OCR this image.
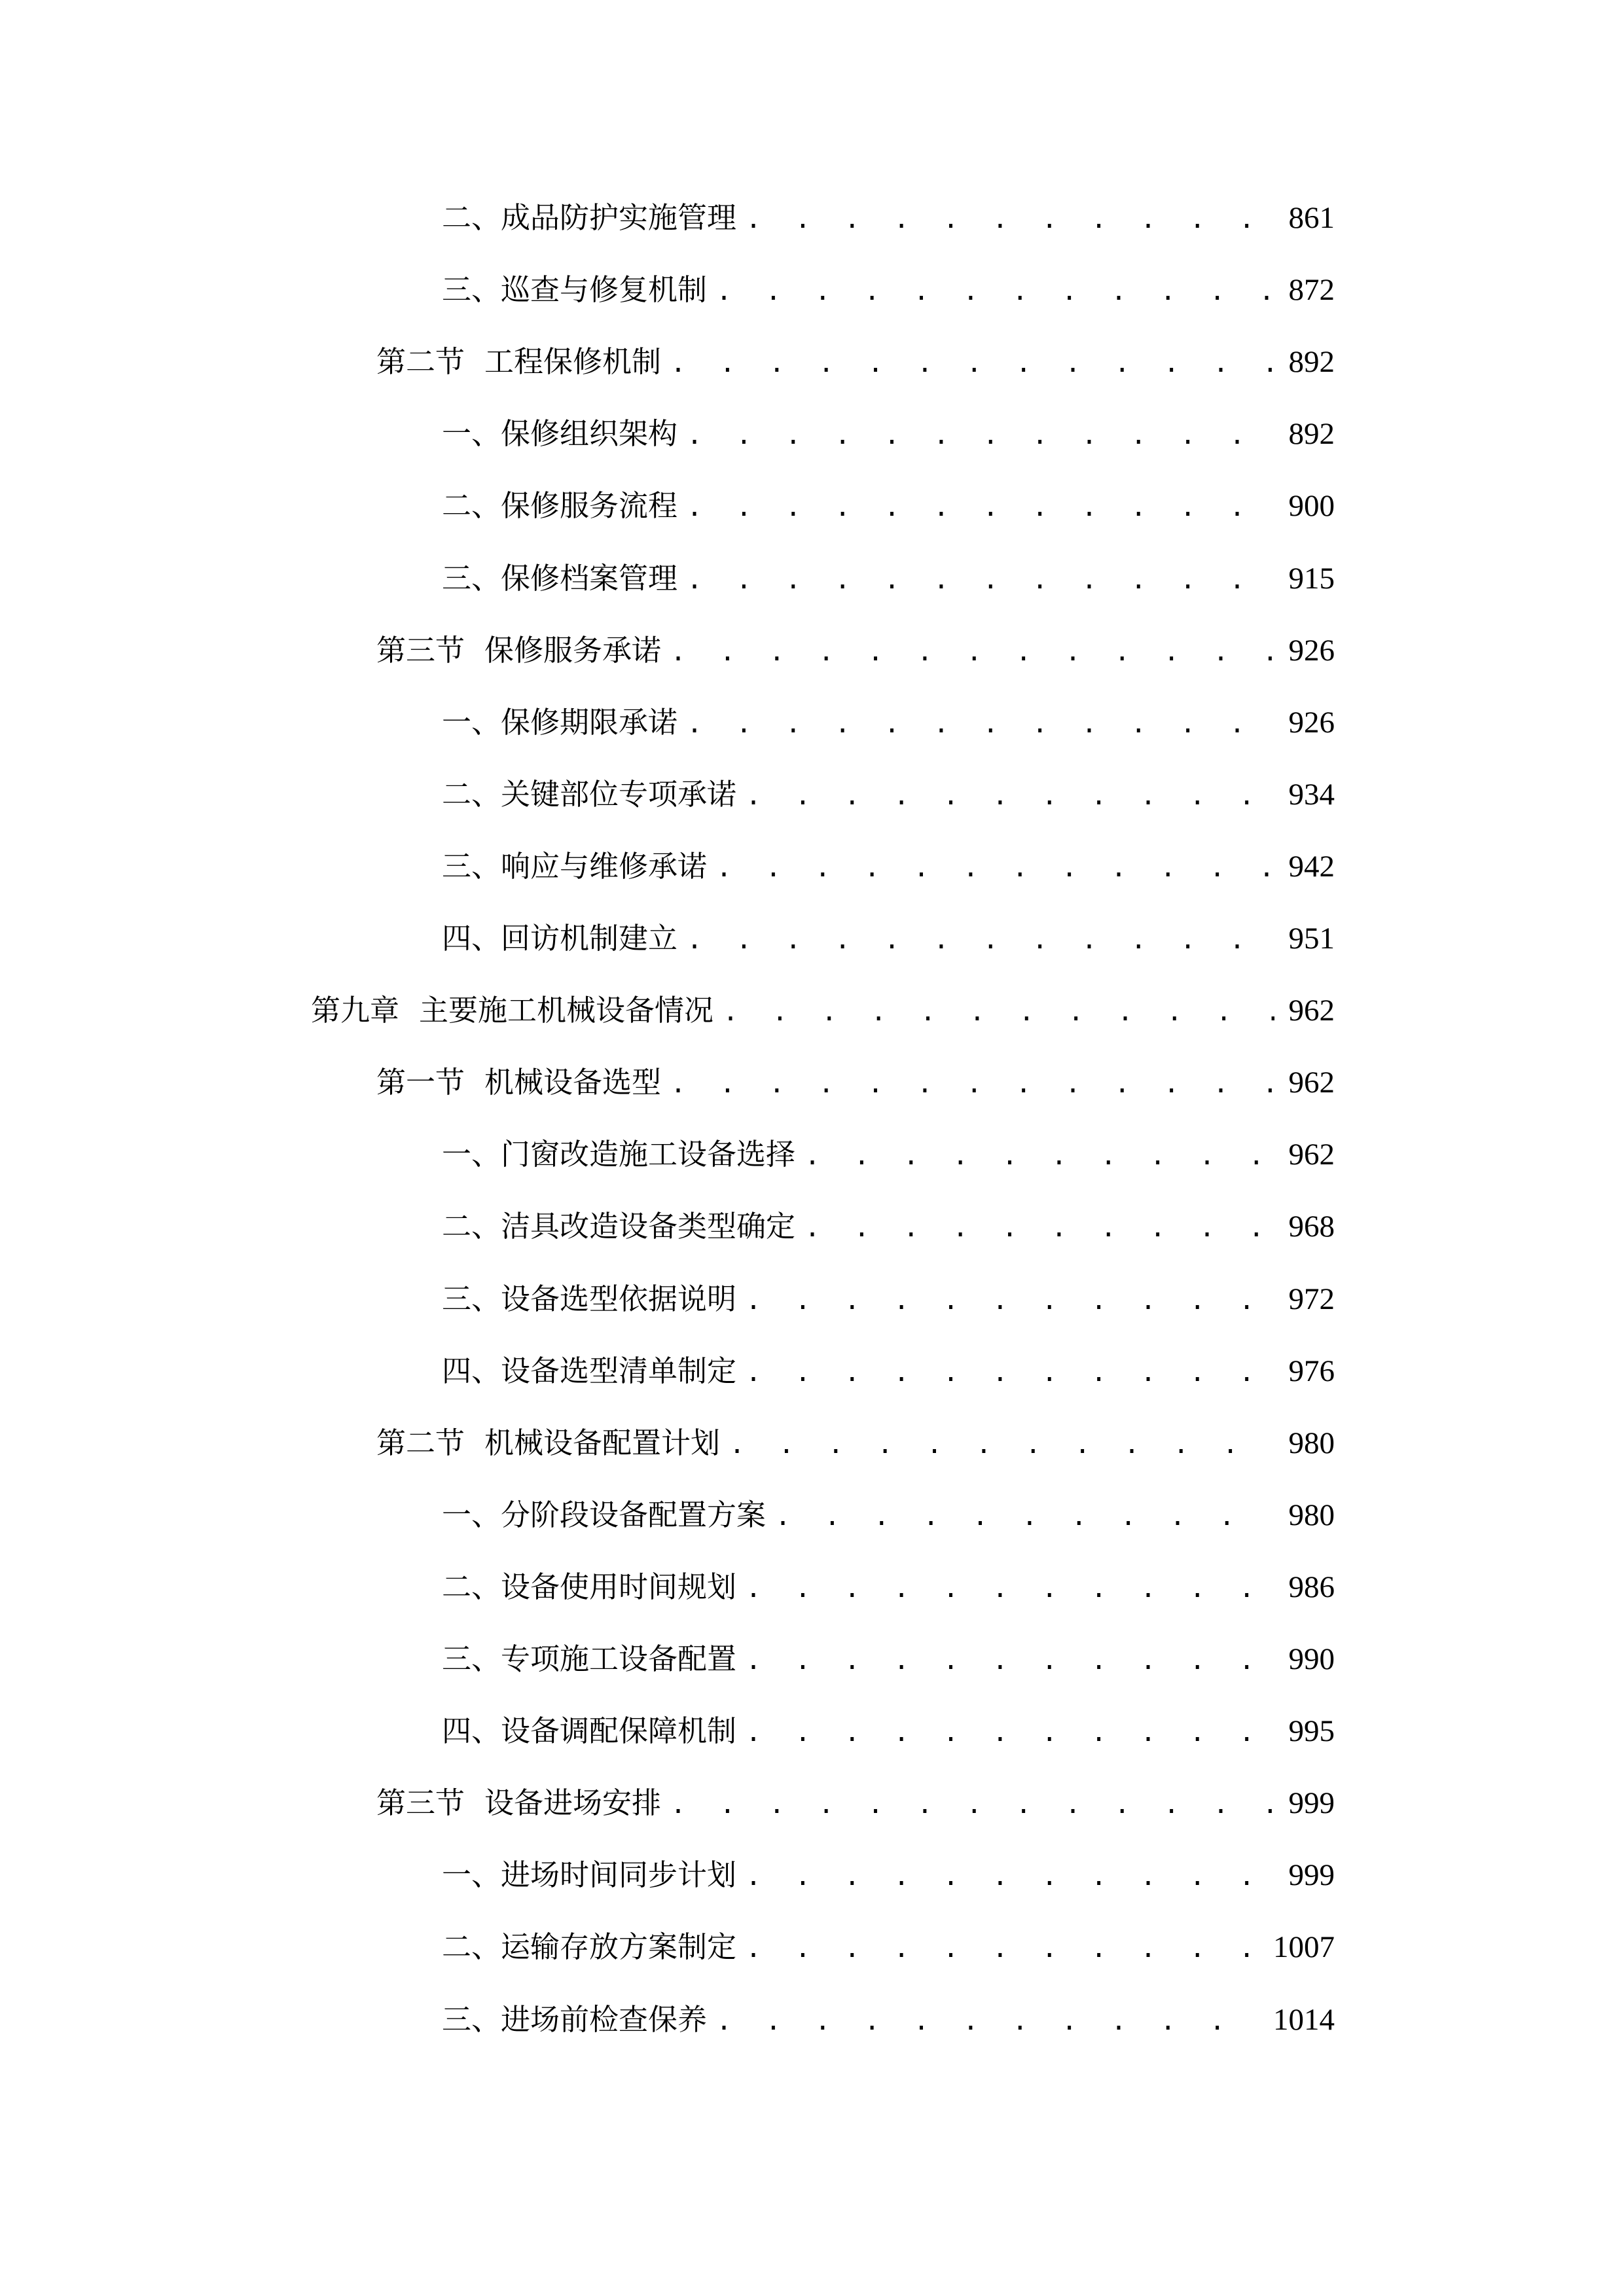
二、 成品防护实施管理 . . .	861
三、 巡查与修复机制 . . .	872
第二节 工程保修机制 . . .	892
一、 保修组织架构 . . .	892
二、 保修服务流程 . . .	900
三、 保修档案管理 . . .	915
第三节 保修服务承诺 . . .	926
一、 保修期限承诺 . . .	926
二、 关键部位专项承诺 . . .	934
三、 响应与维修承诺 . . .	942
四、 回访机制建立 . . .	951
第九章 主要施工机械设备情况 . . .	962
第一节 机械设备选型 . . .	962
一、 门窗改造施工设备选择 . . .	962
二、 洁具改造设备类型确定 . . .	968
三、 设备选型依据说明 . . .	972
四、 设备选型清单制定 . . .	976
第二节 机械设备配置计划 . . .	980
一、 分阶段设备配置方案 . . .	980
二、 设备使用时间规划 . . .	986
三、 专项施工设备配置 . . .	990
四、 设备调配保障机制 . . .	995
第三节 设备进场安排 . . .	999
一、 进场时间同步计划 . . .	999
二、 运输存放方案制定 . . .	1007
三、 进场前检查保养 . . .	1014
